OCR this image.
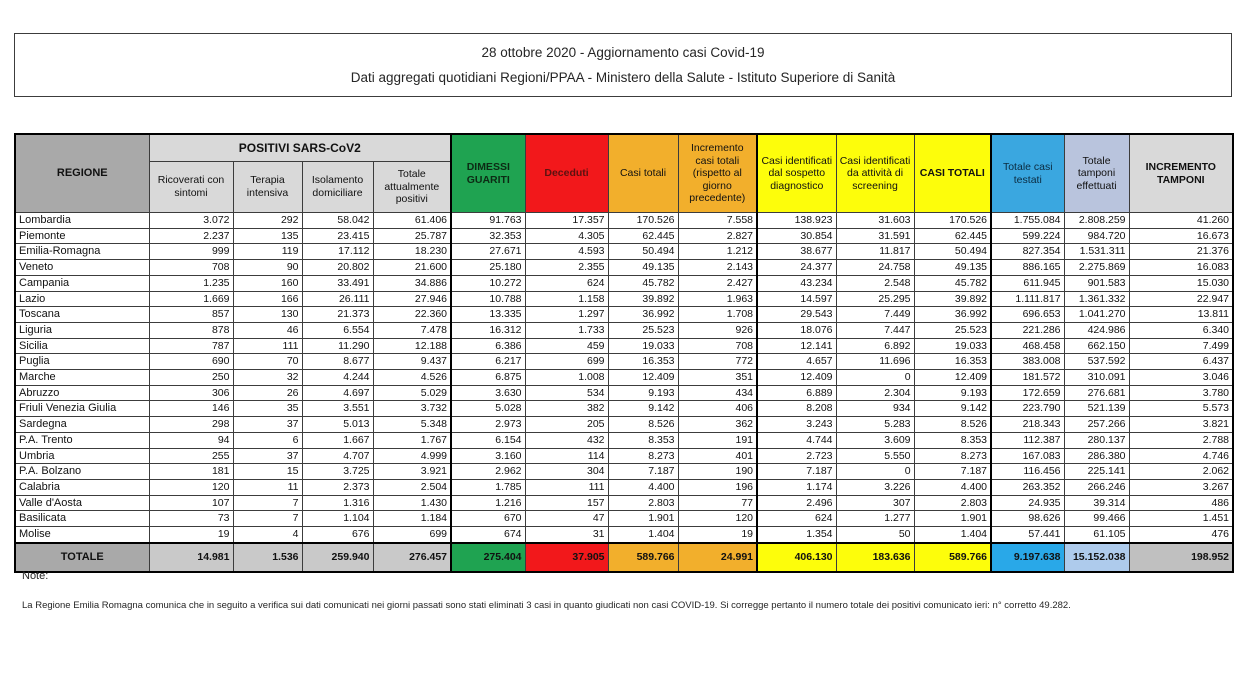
28 ottobre 2020 - Aggiornamento casi Covid-19
Dati aggregati quotidiani Regioni/PPAA - Ministero della Salute - Istituto Superiore di Sanità
REGIONE	POSITIVI SARS-CoV2				DIMESSI GUARITI	Deceduti	Casi totali	Incremento casi totali (rispetto al giorno precedente)	Casi identificati dal sospetto diagnostico	Casi identificati da attività di screening	CASI TOTALI	Totale casi testati	Totale tamponi effettuati	INCREMENTO TAMPONI
	Ricoverati con sintomi	Terapia intensiva	Isolamento domiciliare	Totale attualmente positivi										
Lombardia	3.072	292	58.042	61.406	91.763	17.357	170.526	7.558	138.923	31.603	170.526	1.755.084	2.808.259	41.260
Piemonte	2.237	135	23.415	25.787	32.353	4.305	62.445	2.827	30.854	31.591	62.445	599.224	984.720	16.673
Emilia-Romagna	999	119	17.112	18.230	27.671	4.593	50.494	1.212	38.677	11.817	50.494	827.354	1.531.311	21.376
Veneto	708	90	20.802	21.600	25.180	2.355	49.135	2.143	24.377	24.758	49.135	886.165	2.275.869	16.083
Campania	1.235	160	33.491	34.886	10.272	624	45.782	2.427	43.234	2.548	45.782	611.945	901.583	15.030
Lazio	1.669	166	26.111	27.946	10.788	1.158	39.892	1.963	14.597	25.295	39.892	1.111.817	1.361.332	22.947
Toscana	857	130	21.373	22.360	13.335	1.297	36.992	1.708	29.543	7.449	36.992	696.653	1.041.270	13.811
Liguria	878	46	6.554	7.478	16.312	1.733	25.523	926	18.076	7.447	25.523	221.286	424.986	6.340
Sicilia	787	111	11.290	12.188	6.386	459	19.033	708	12.141	6.892	19.033	468.458	662.150	7.499
Puglia	690	70	8.677	9.437	6.217	699	16.353	772	4.657	11.696	16.353	383.008	537.592	6.437
Marche	250	32	4.244	4.526	6.875	1.008	12.409	351	12.409	0	12.409	181.572	310.091	3.046
Abruzzo	306	26	4.697	5.029	3.630	534	9.193	434	6.889	2.304	9.193	172.659	276.681	3.780
Friuli Venezia Giulia	146	35	3.551	3.732	5.028	382	9.142	406	8.208	934	9.142	223.790	521.139	5.573
Sardegna	298	37	5.013	5.348	2.973	205	8.526	362	3.243	5.283	8.526	218.343	257.266	3.821
P.A. Trento	94	6	1.667	1.767	6.154	432	8.353	191	4.744	3.609	8.353	112.387	280.137	2.788
Umbria	255	37	4.707	4.999	3.160	114	8.273	401	2.723	5.550	8.273	167.083	286.380	4.746
P.A. Bolzano	181	15	3.725	3.921	2.962	304	7.187	190	7.187	0	7.187	116.456	225.141	2.062
Calabria	120	11	2.373	2.504	1.785	111	4.400	196	1.174	3.226	4.400	263.352	266.246	3.267
Valle d'Aosta	107	7	1.316	1.430	1.216	157	2.803	77	2.496	307	2.803	24.935	39.314	486
Basilicata	73	7	1.104	1.184	670	47	1.901	120	624	1.277	1.901	98.626	99.466	1.451
Molise	19	4	676	699	674	31	1.404	19	1.354	50	1.404	57.441	61.105	476
TOTALE	14.981	1.536	259.940	276.457	275.404	37.905	589.766	24.991	406.130	183.636	589.766	9.197.638	15.152.038	198.952
Note:
La Regione Emilia Romagna comunica che in seguito a verifica sui dati comunicati nei giorni passati sono stati eliminati 3 casi in quanto giudicati non casi COVID-19. Si corregge pertanto il numero totale dei positivi comunicato ieri: n° corretto 49.282.
